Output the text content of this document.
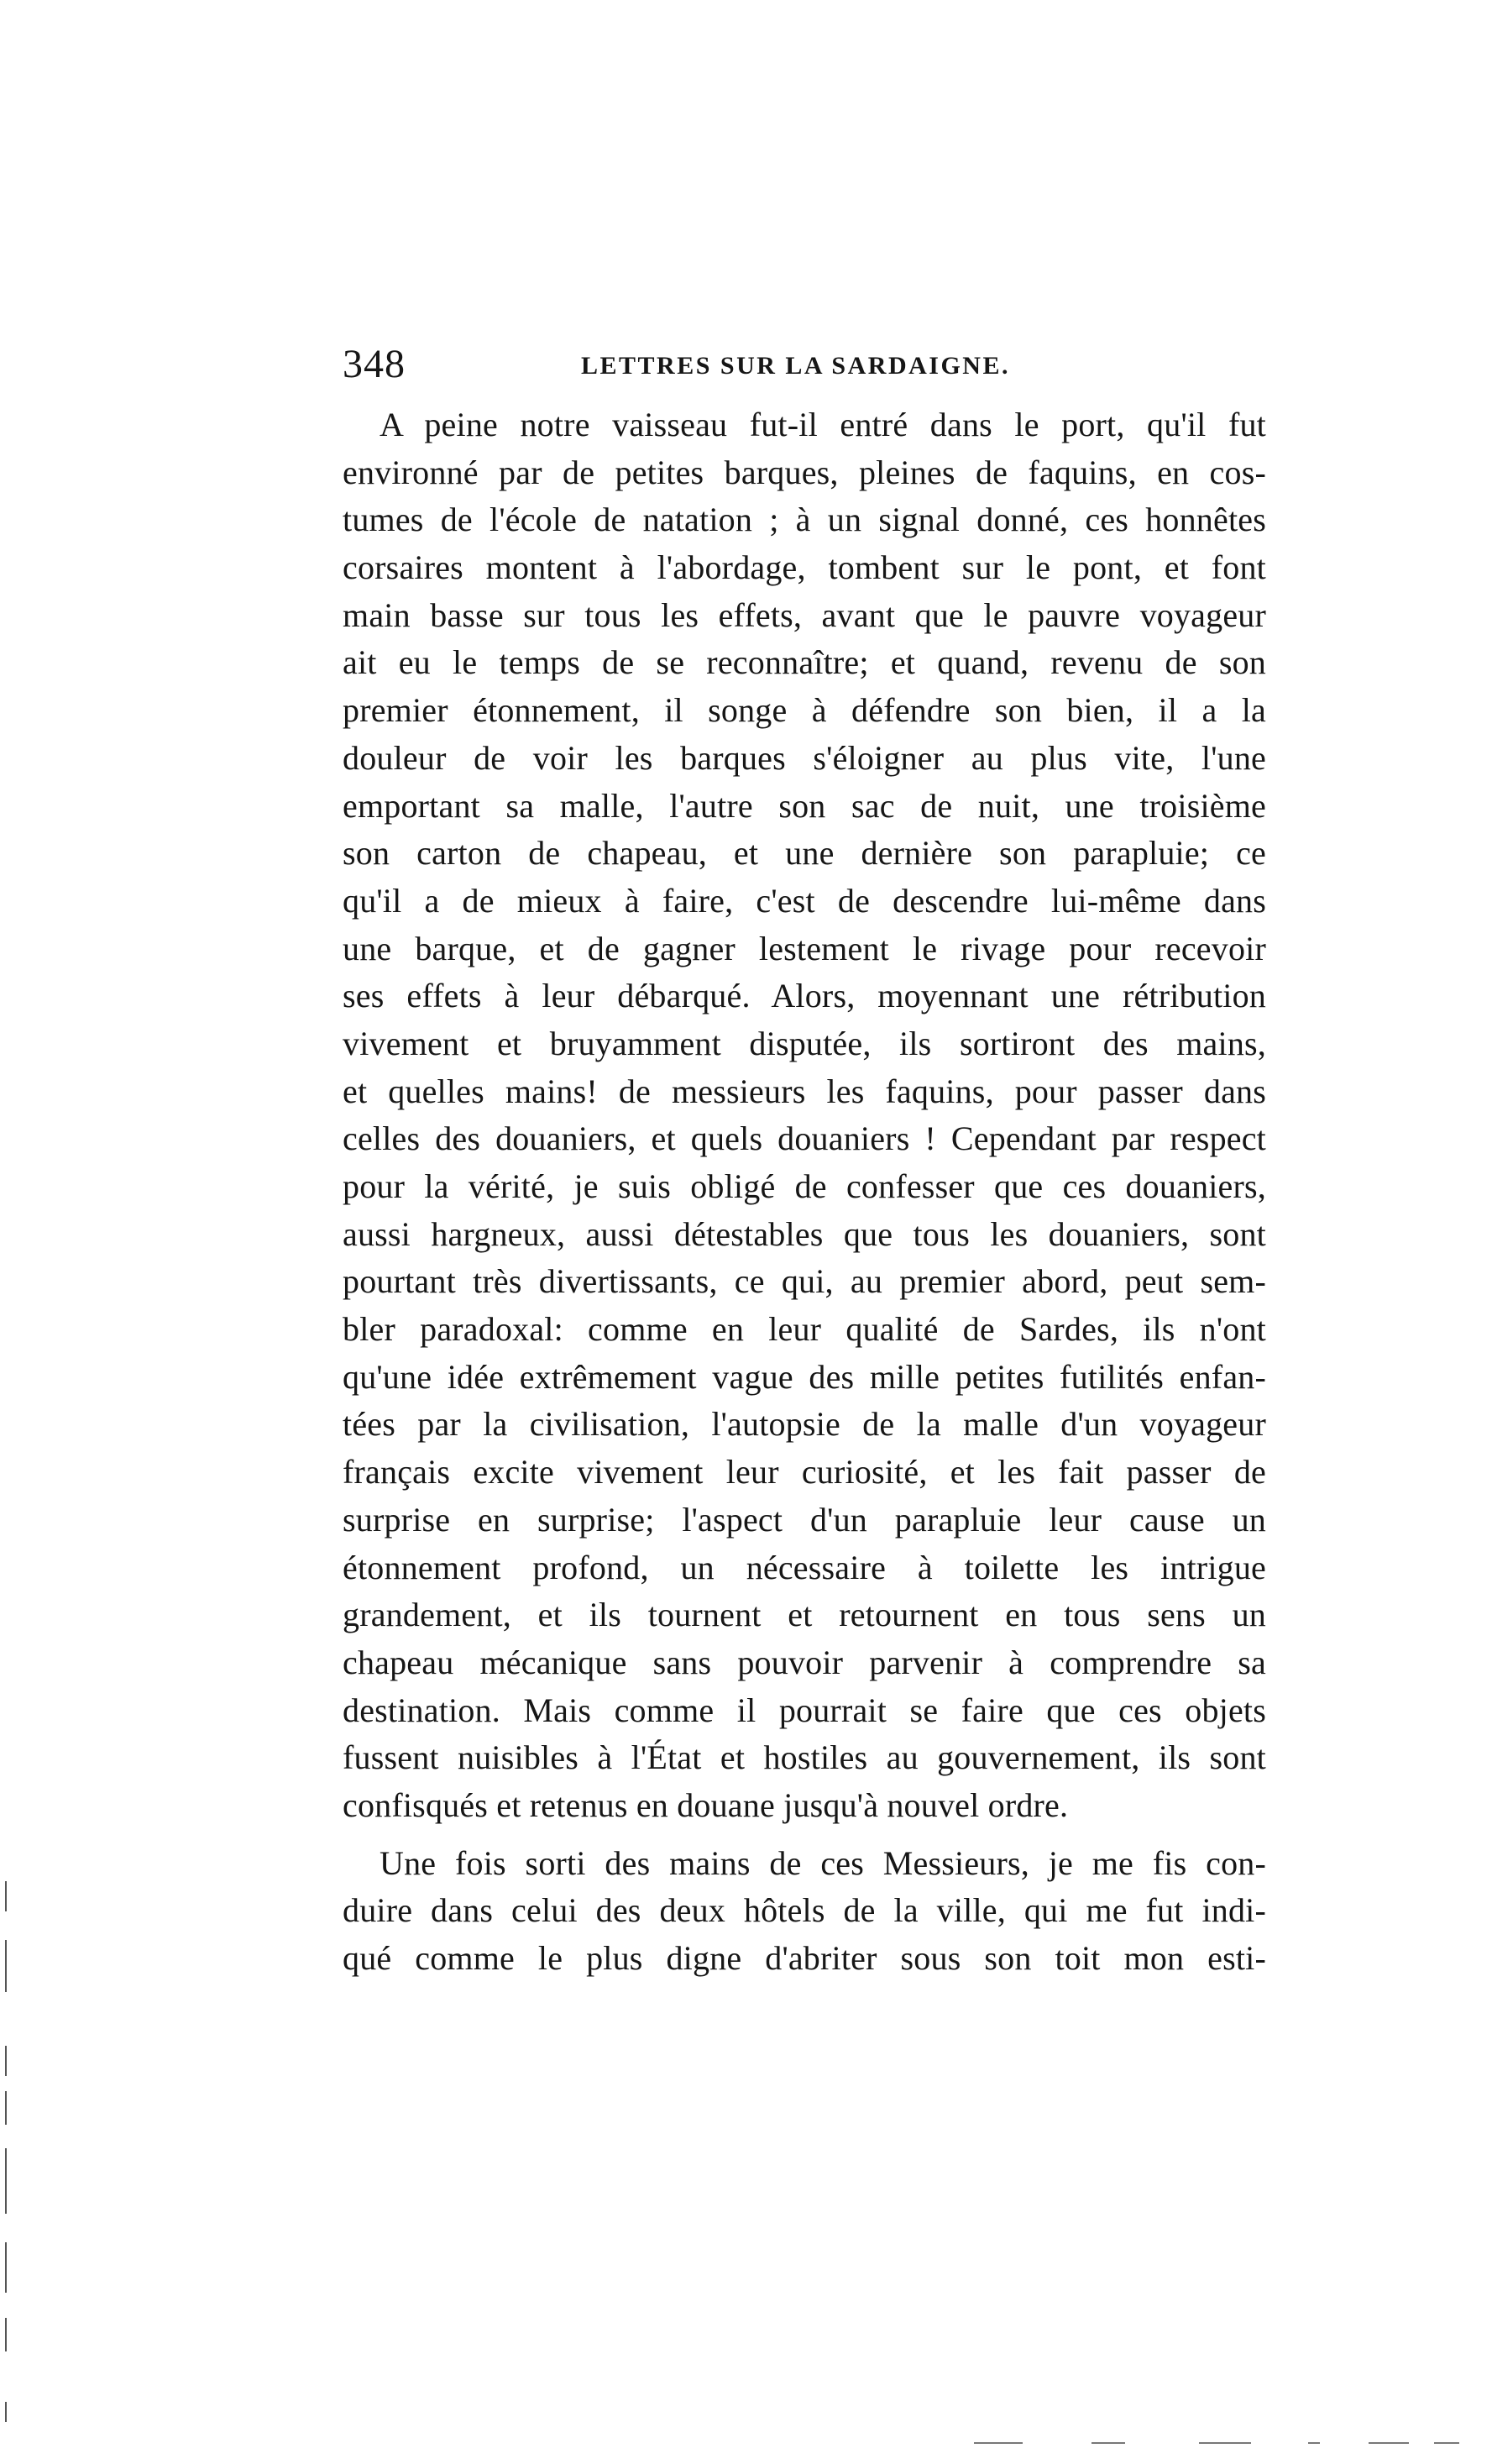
348	LETTRES SUR LA SARDAIGNE.
A peine notre vaisseau fut-il entré dans le port, qu'il fut
environné par de petites barques, pleines de faquins, en cos-
tumes de l'école de natation ; à un signal donné, ces honnêtes
corsaires montent à l'abordage, tombent sur le pont, et font
main basse sur tous les effets, avant que le pauvre voyageur
ait eu le temps de se reconnaître; et quand, revenu de son
premier étonnement, il songe à défendre son bien, il a la
douleur de voir les barques s'éloigner au plus vite, l'une
emportant sa malle, l'autre son sac de nuit, une troisième
son carton de chapeau, et une dernière son parapluie; ce
qu'il a de mieux à faire, c'est de descendre lui-même dans
une barque, et de gagner lestement le rivage pour recevoir
ses effets à leur débarqué. Alors, moyennant une rétribution
vivement et bruyamment disputée, ils sortiront des mains,
et quelles mains! de messieurs les faquins, pour passer dans
celles des douaniers, et quels douaniers ! Cependant par respect
pour la vérité, je suis obligé de confesser que ces douaniers,
aussi hargneux, aussi détestables que tous les douaniers, sont
pourtant très divertissants, ce qui, au premier abord, peut sem-
bler paradoxal: comme en leur qualité de Sardes, ils n'ont
qu'une idée extrêmement vague des mille petites futilités enfan-
tées par la civilisation, l'autopsie de la malle d'un voyageur
français excite vivement leur curiosité, et les fait passer de
surprise en surprise; l'aspect d'un parapluie leur cause un
étonnement profond, un nécessaire à toilette les intrigue
grandement, et ils tournent et retournent en tous sens un
chapeau mécanique sans pouvoir parvenir à comprendre sa
destination. Mais comme il pourrait se faire que ces objets
fussent nuisibles à l'État et hostiles au gouvernement, ils sont
confisqués et retenus en douane jusqu'à nouvel ordre.
Une fois sorti des mains de ces Messieurs, je me fis con-
duire dans celui des deux hôtels de la ville, qui me fut indi-
qué comme le plus digne d'abriter sous son toit mon esti-
